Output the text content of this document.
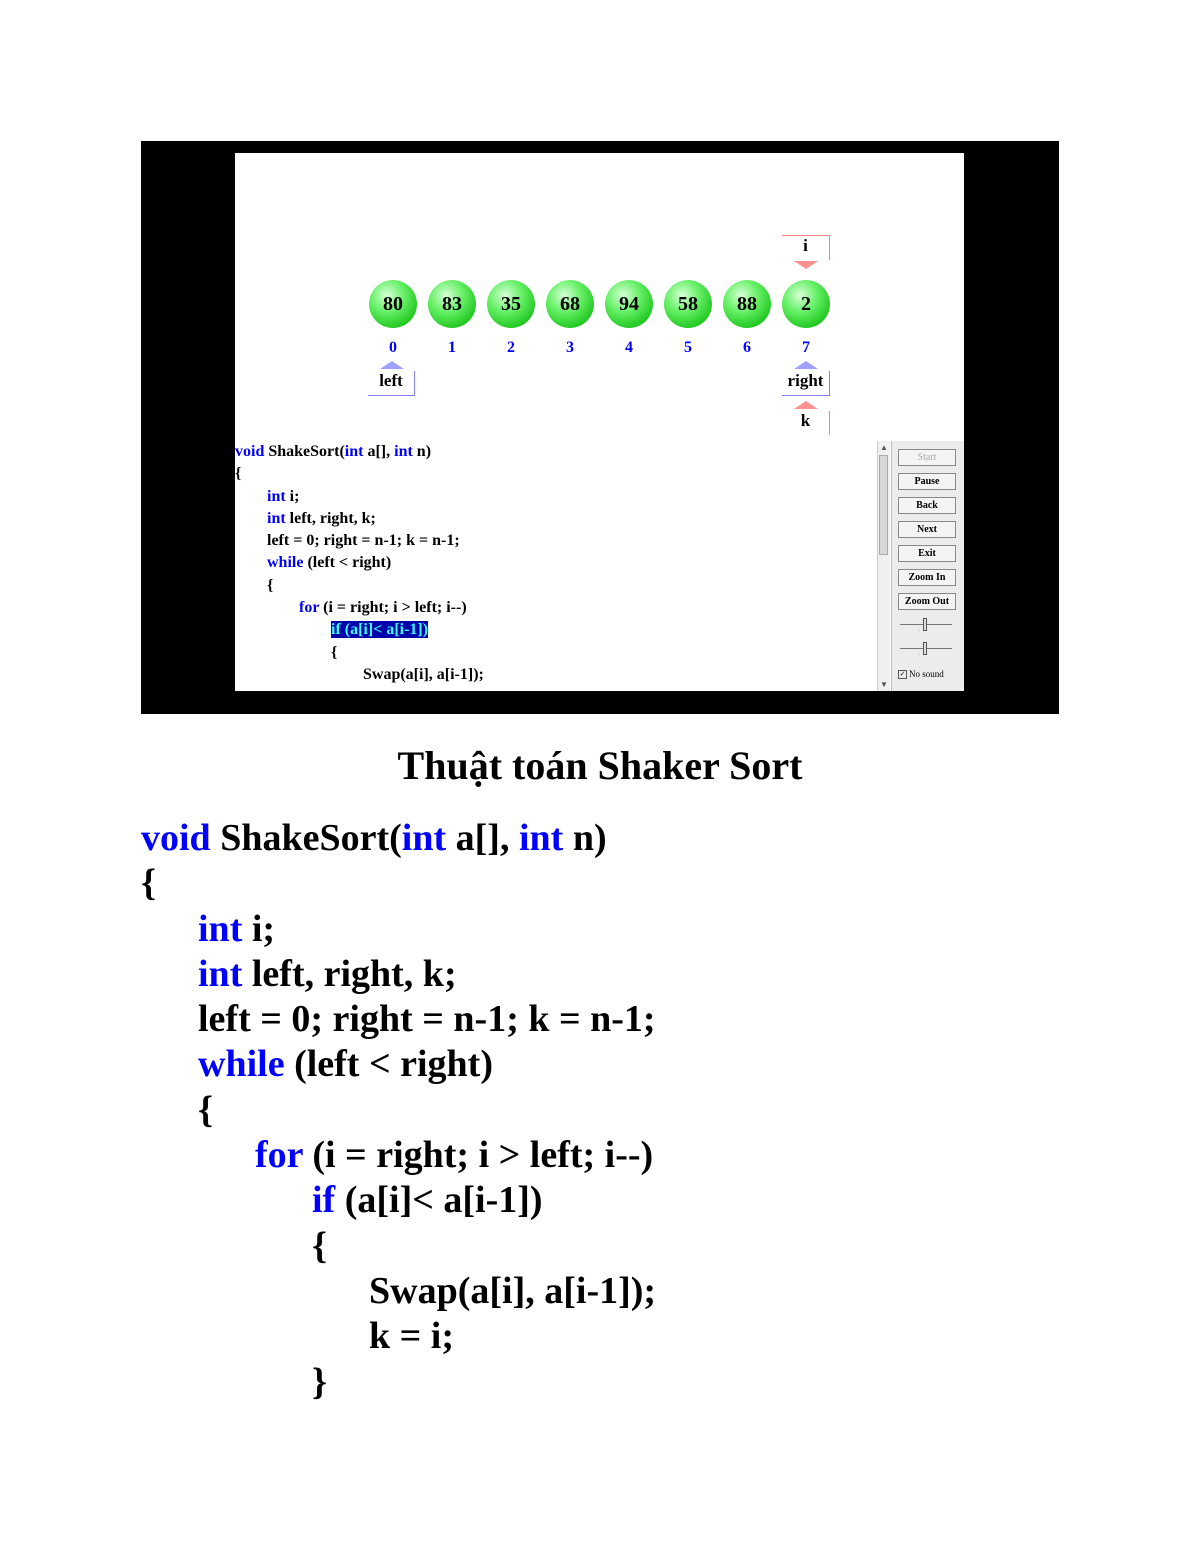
80
0
83
1
35
2
68
3
94
4
58
5
88
6
2
7
i
left	right
k
void ShakeSort(int a[], int n)
{
int i;
int left, right, k;
left = 0; right = n-1; k = n-1;
while (left < right)
{
for (i = right; i > left; i--)
if (a[i]< a[i-1])
{
Swap(a[i], a[i-1]);
▲
▼
Start
Pause
Back
Next
Exit
Zoom In
Zoom Out
···
···
✓ No sound
Thuật toán Shaker Sort
void ShakeSort(int a[], int n)
{
int i;
int left, right, k;
left = 0; right = n-1; k = n-1;
while (left < right)
{
for (i = right; i > left; i--)
if (a[i]< a[i-1])
{
Swap(a[i], a[i-1]);
k = i;
}
